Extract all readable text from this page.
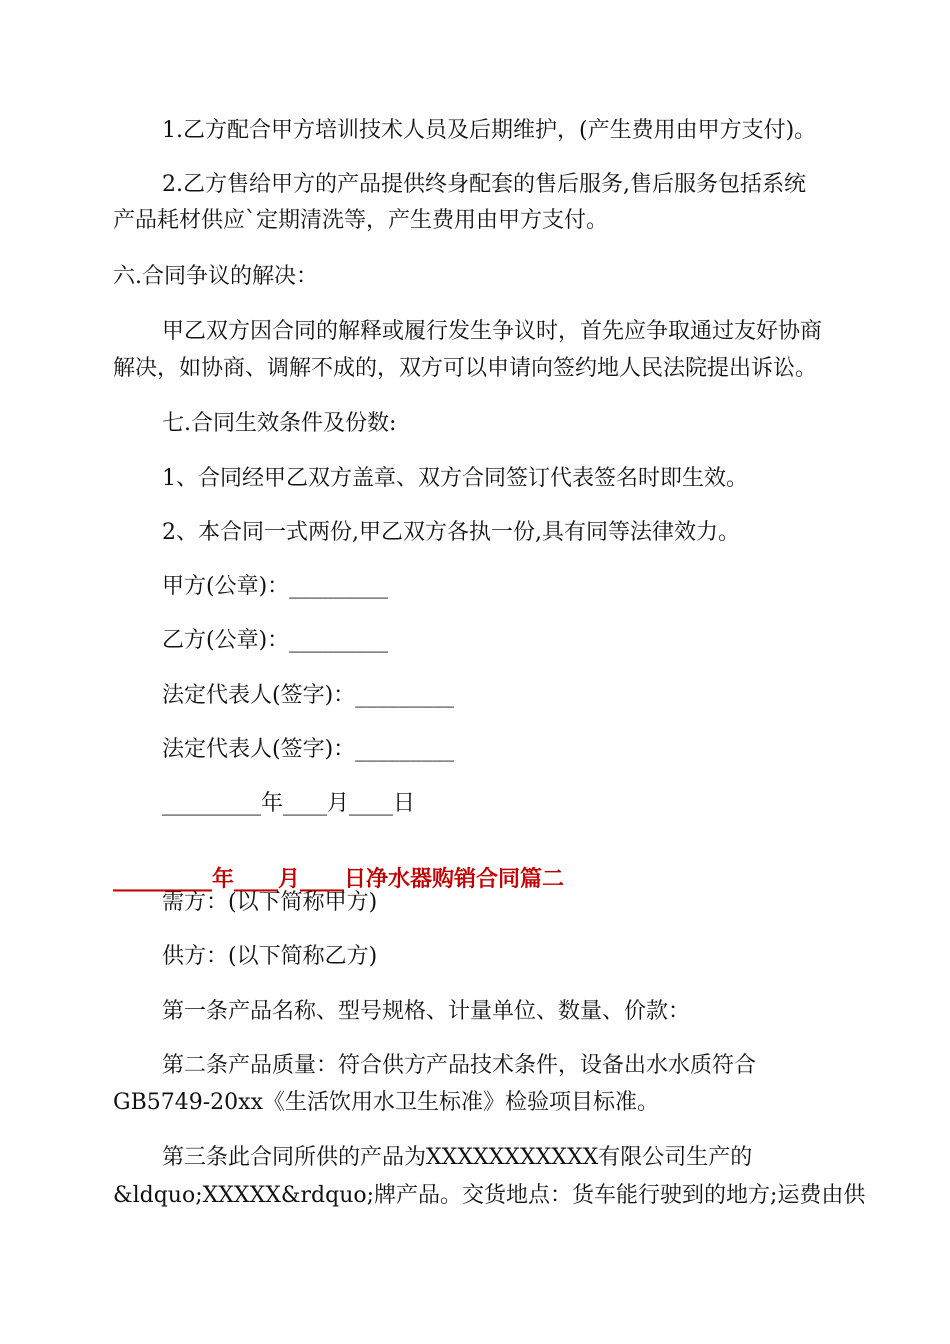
1.乙方配合甲方培训技术人员及后期维护，(产生费用由甲方支付)。

2.乙方售给甲方的产品提供终身配套的售后服务,售后服务包括系统

产品耗材供应`定期清洗等，产生费用由甲方支付。

六.合同争议的解决：

甲乙双方因合同的解释或履行发生争议时，首先应争取通过友好协商

解决，如协商、调解不成的，双方可以申请向签约地人民法院提出诉讼。

七.合同生效条件及份数:

1、合同经甲乙双方盖章、双方合同签订代表签名时即生效。

2、本合同一式两份,甲乙双方各执一份,具有同等法律效力。

甲方(公章)：_________

乙方(公章)：_________

法定代表人(签字)：_________

法定代表人(签字)：_________

_________年____月____日

_________年____月____日净水器购销合同篇二

需方：(以下简称甲方)

供方：(以下简称乙方)

第一条产品名称、型号规格、计量单位、数量、价款：

第二条产品质量：符合供方产品技术条件，设备出水水质符合

GB5749-20xx《生活饮用水卫生标准》检验项目标准。

第三条此合同所供的产品为XXXXXXXXXXX有限公司生产的

&ldquo;XXXXX&rdquo;牌产品。交货地点：货车能行驶到的地方;运费由供
